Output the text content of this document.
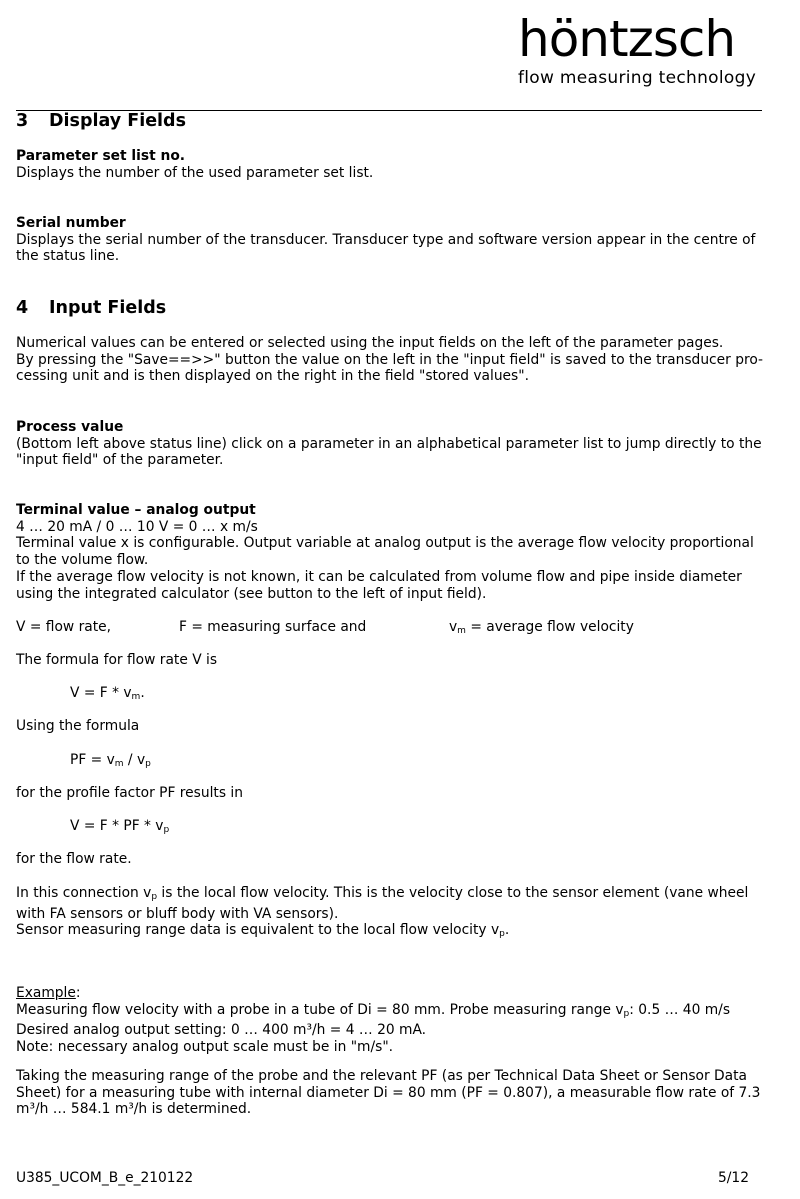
höntzsch
flow measuring technology
3 Display Fields
Parameter set list no.
Displays the number of the used parameter set list.
Serial number
Displays the serial number of the transducer. Transducer type and software version appear in the centre of
the status line.
4 Input Fields
Numerical values can be entered or selected using the input fields on the left of the parameter pages.
By pressing the "Save==>>" button the value on the left in the "input field" is saved to the transducer pro-
cessing unit and is then displayed on the right in the field "stored values".
Process value
(Bottom left above status line) click on a parameter in an alphabetical parameter list to jump directly to the
"input field" of the parameter.
Terminal value – analog output
4 … 20 mA / 0 … 10 V = 0 … x m/s
Terminal value x is configurable. Output variable at analog output is the average flow velocity proportional
to the volume flow.
If the average flow velocity is not known, it can be calculated from volume flow and pipe inside diameter
using the integrated calculator (see button to the left of input field).
V = flow rate,	F = measuring surface and	$v_m$ = average flow velocity
The formula for flow rate V is
$V = F * v_m$.
Using the formula
PF = $v_m / v_p$
for the profile factor PF results in
V = F * PF * $v_p$
for the flow rate.
In this connection $v_p$ is the local flow velocity. This is the velocity close to the sensor element (vane wheel
with FA sensors or bluff body with VA sensors).
Sensor measuring range data is equivalent to the local flow velocity $v_p$.
Example:
Measuring flow velocity with a probe in a tube of Di = 80 mm. Probe measuring range $v_p$: 0.5 … 40 m/s
Desired analog output setting: 0 … 400 m³/h = 4 … 20 mA.
Note: necessary analog output scale must be in "m/s".
Taking the measuring range of the probe and the relevant PF (as per Technical Data Sheet or Sensor Data
Sheet) for a measuring tube with internal diameter Di = 80 mm (PF = 0.807), a measurable flow rate of 7.3
m³/h … 584.1 m³/h is determined.
U385_UCOM_B_e_210122	5/12
